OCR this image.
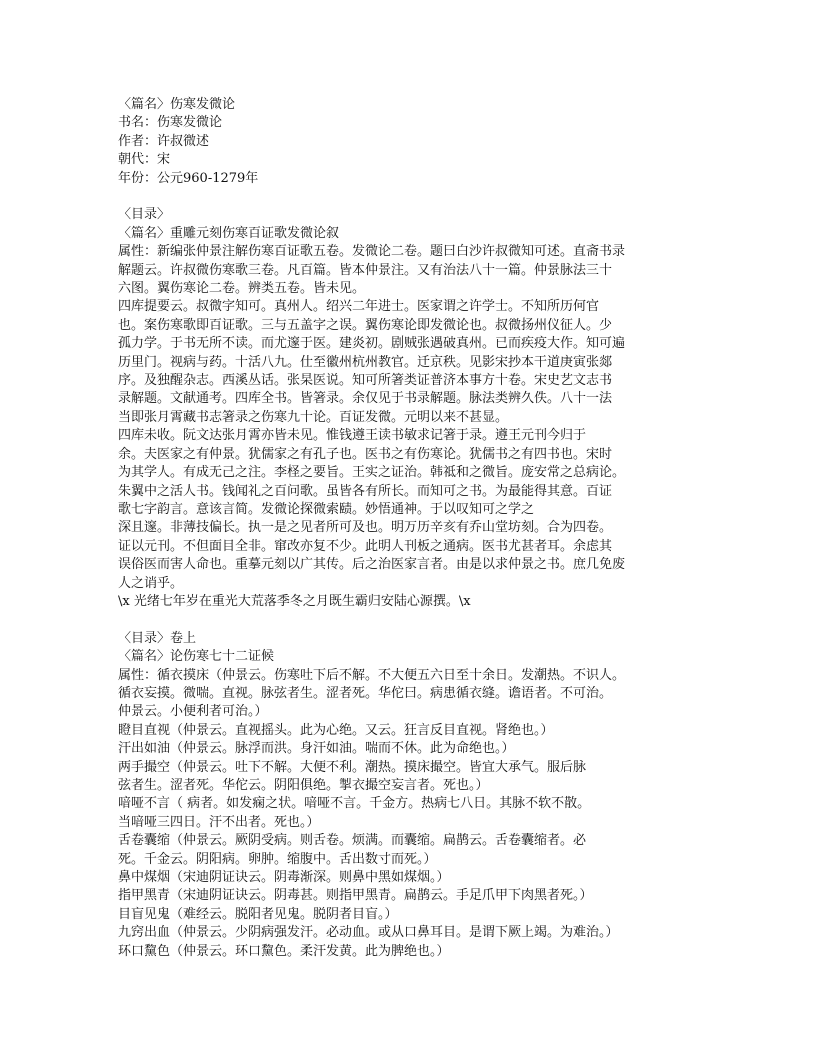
〈篇名〉伤寒发微论
书名：伤寒发微论
作者：许叔微述
朝代：宋
年份：公元960-1279年
〈目录〉
〈篇名〉重雕元刻伤寒百证歌发微论叙
属性：新编张仲景注解伤寒百证歌五卷。发微论二卷。题曰白沙许叔微知可述。直斋书录
解题云。许叔微伤寒歌三卷。凡百篇。皆本仲景注。又有治法八十一篇。仲景脉法三十
六图。翼伤寒论二卷。辨类五卷。皆未见。
四库提要云。叔微字知可。真州人。绍兴二年进士。医家谓之许学士。不知所历何官
也。案伤寒歌即百证歌。三与五盖字之误。翼伤寒论即发微论也。叔微扬州仪征人。少
孤力学。于书无所不读。而尤邃于医。建炎初。剧贼张遇破真州。已而疾疫大作。知可遍
历里门。视病与药。十活八九。仕至徽州杭州教官。迁京秩。见影宋抄本干道庚寅张郯
序。及独醒杂志。西溪丛话。张杲医说。知可所箸类证普济本事方十卷。宋史艺文志书
录解题。文献通考。四库全书。皆箸录。余仅见于书录解题。脉法类辨久佚。八十一法
当即张月霄藏书志箸录之伤寒九十论。百证发微。元明以来不甚显。
四库未收。阮文达张月霄亦皆未见。惟钱遵王读书敏求记箸于录。遵王元刊今归于
余。夫医家之有仲景。犹儒家之有孔子也。医书之有伤寒论。犹儒书之有四书也。宋时
为其学人。有成无己之注。李柽之要旨。王实之证治。韩祗和之微旨。庞安常之总病论。
朱翼中之活人书。钱闻礼之百问歌。虽皆各有所长。而知可之书。为最能得其意。百证
歌七字韵言。意该言简。发微论探微索赜。妙悟通神。于以叹知可之学之
深且邃。非薄技偏长。执一是之见者所可及也。明万历辛亥有乔山堂坊刻。合为四卷。
证以元刊。不但面目全非。窜改亦复不少。此明人刊板之通病。医书尤甚者耳。余虑其
误俗医而害人命也。重摹元刻以广其传。后之治医家言者。由是以求仲景之书。庶几免废
人之诮乎。
\x 光绪七年岁在重光大荒落季冬之月既生霸归安陆心源撰。\x
〈目录〉卷上
〈篇名〉论伤寒七十二证候
属性：循衣摸床（仲景云。伤寒吐下后不解。不大便五六日至十余日。发潮热。不识人。
循衣妄摸。微喘。直视。脉弦者生。涩者死。华佗曰。病患循衣缝。谵语者。不可治。
仲景云。小便利者可治。）
瞪目直视（仲景云。直视摇头。此为心绝。又云。狂言反目直视。肾绝也。）
汗出如油（仲景云。脉浮而洪。身汗如油。喘而不休。此为命绝也。）
两手撮空（仲景云。吐下不解。大便不利。潮热。摸床撮空。皆宜大承气。服后脉
弦者生。涩者死。华佗云。阴阳俱绝。掣衣撮空妄言者。死也。）
喑哑不言（ 病者。如发痫之状。喑哑不言。千金方。热病七八日。其脉不软不散。
当喑哑三四日。汗不出者。死也。）
舌卷囊缩（仲景云。厥阴受病。则舌卷。烦满。而囊缩。扁鹊云。舌卷囊缩者。必
死。千金云。阴阳病。卵肿。缩腹中。舌出数寸而死。）
鼻中煤烟（宋迪阴证诀云。阴毒渐深。则鼻中黑如煤烟。）
指甲黑青（宋迪阴证诀云。阴毒甚。则指甲黑青。扁鹊云。手足爪甲下肉黑者死。）
目盲见鬼（难经云。脱阳者见鬼。脱阴者目盲。）
九窍出血（仲景云。少阴病强发汗。必动血。或从口鼻耳目。是谓下厥上竭。为难治。）
环口黧色（仲景云。环口黧色。柔汗发黄。此为脾绝也。）
